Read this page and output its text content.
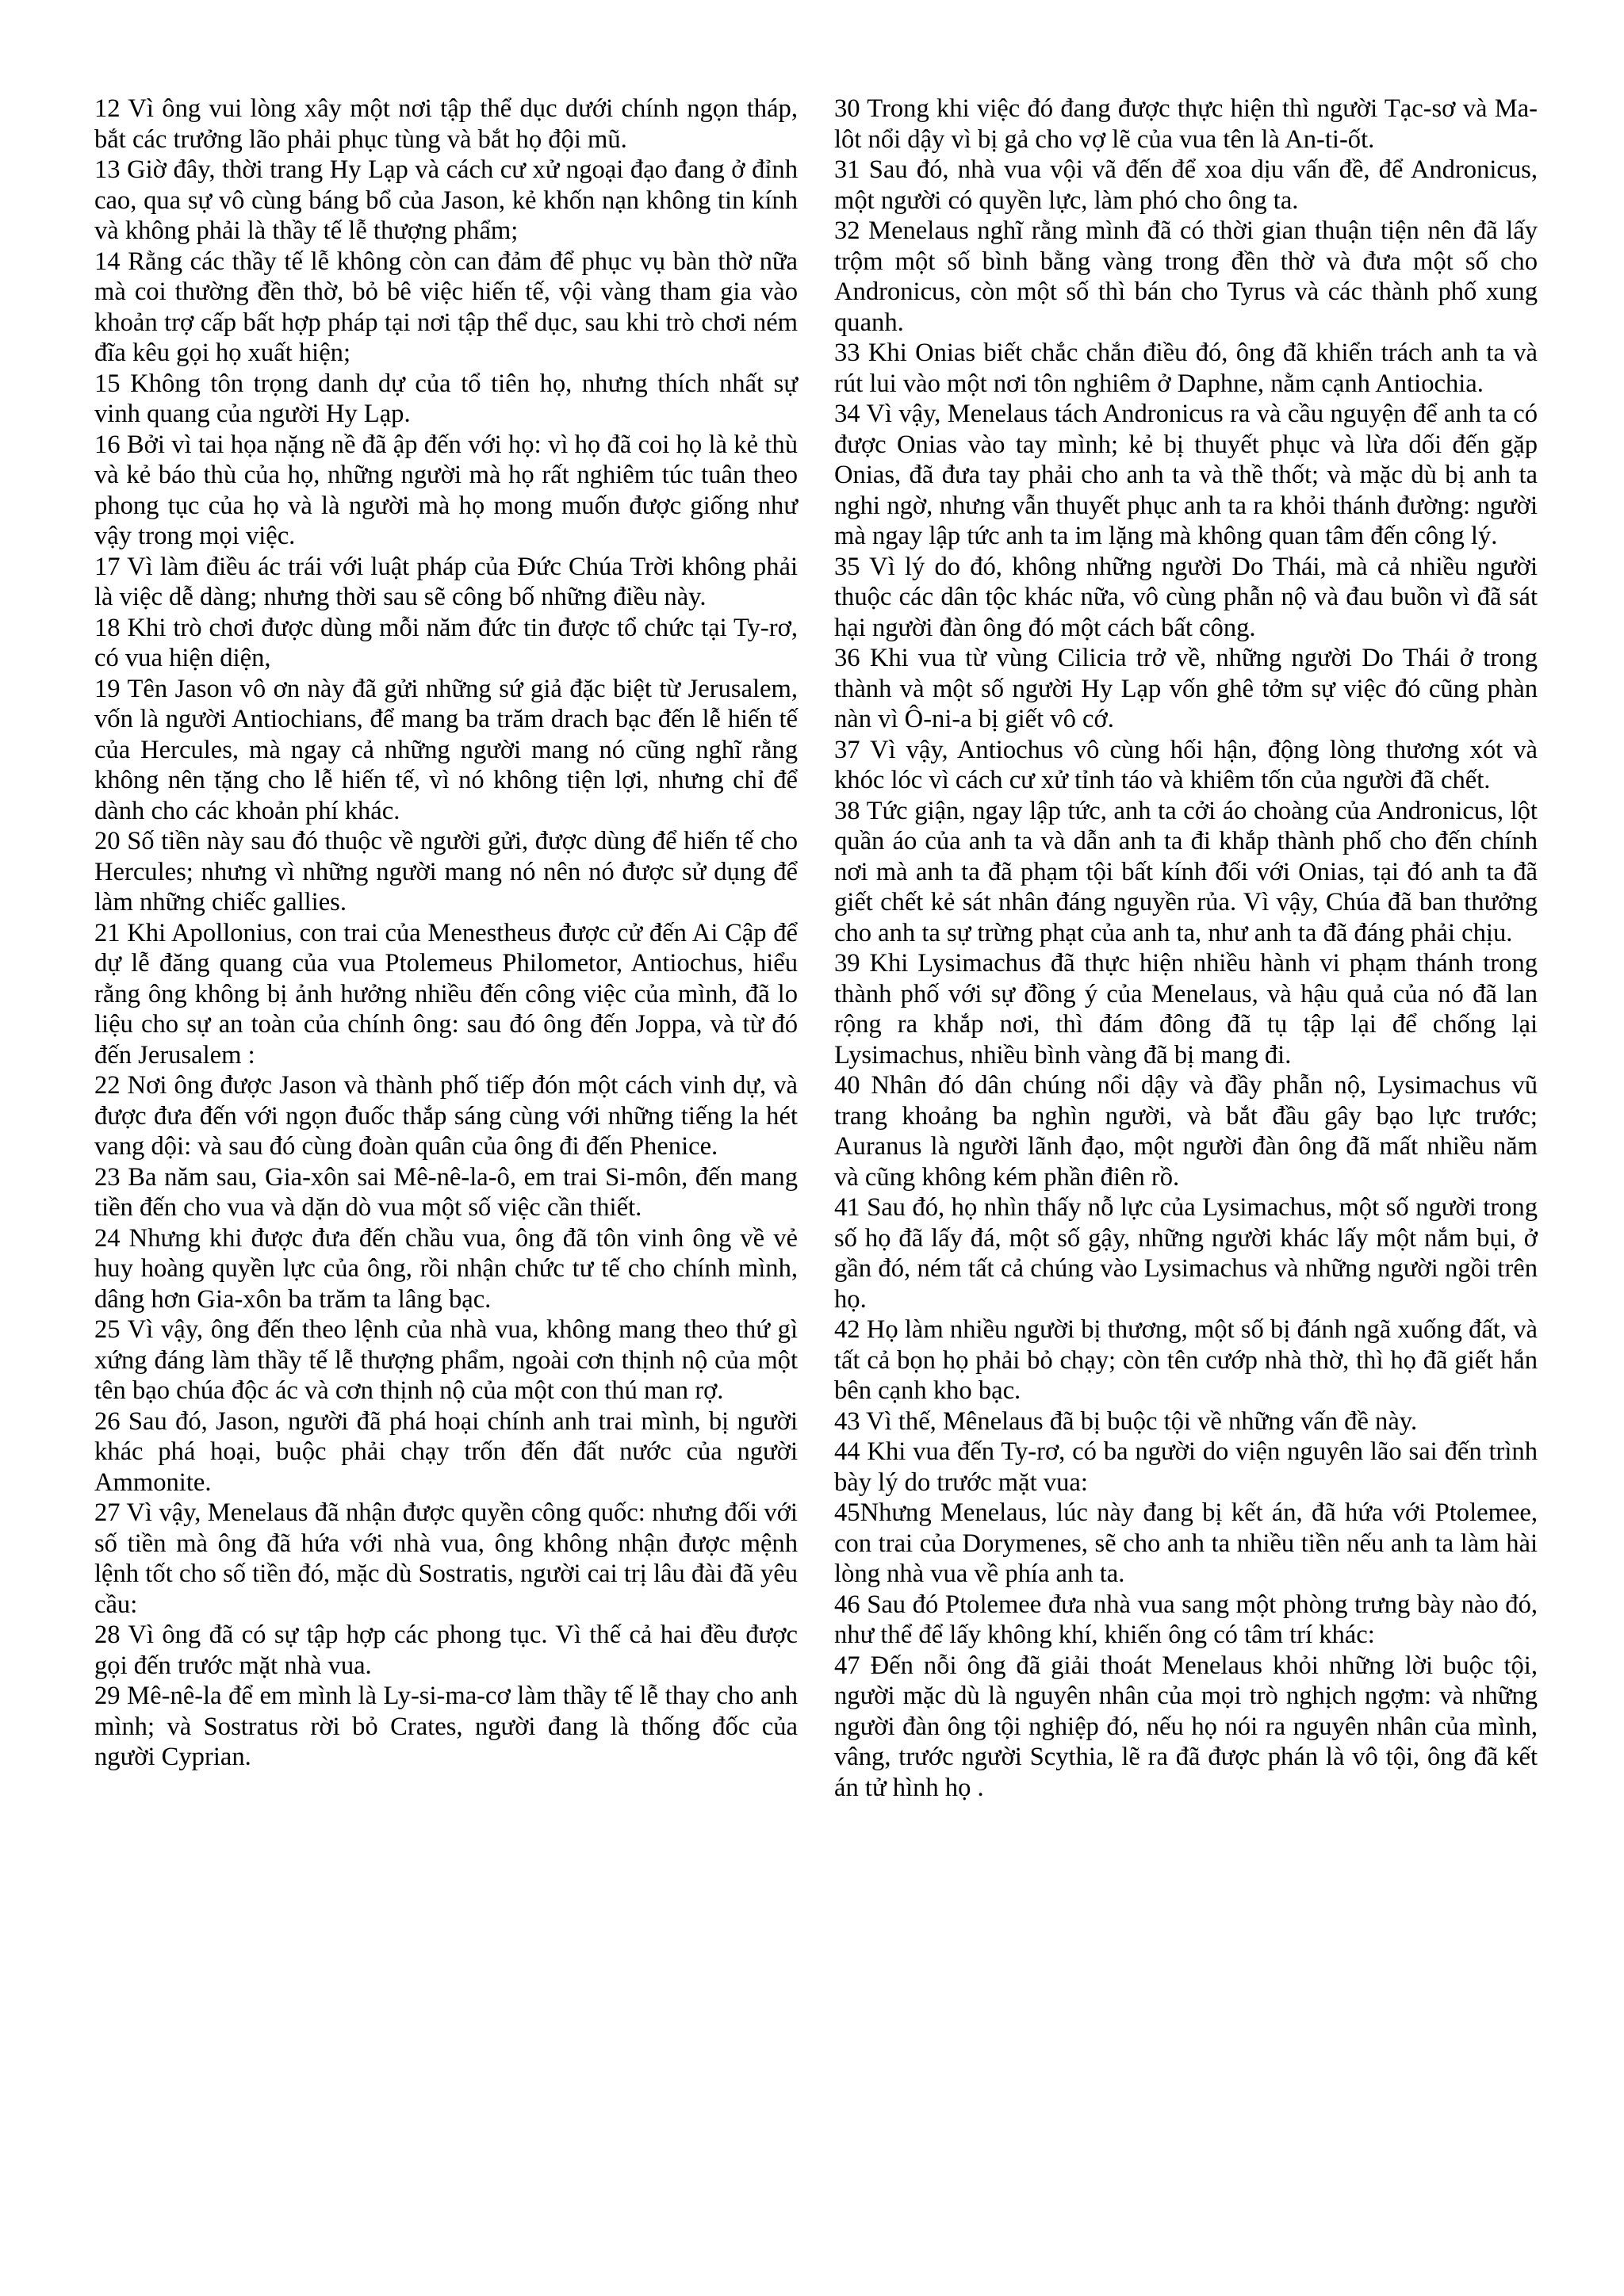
12 Vì ông vui lòng xây một nơi tập thể dục dưới chính ngọn tháp, bắt các trưởng lão phải phục tùng và bắt họ đội mũ.

13 Giờ đây, thời trang Hy Lạp và cách cư xử ngoại đạo đang ở đỉnh cao, qua sự vô cùng báng bổ của Jason, kẻ khốn nạn không tin kính và không phải là thầy tế lễ thượng phẩm;

14 Rằng các thầy tế lễ không còn can đảm để phục vụ bàn thờ nữa mà coi thường đền thờ, bỏ bê việc hiến tế, vội vàng tham gia vào khoản trợ cấp bất hợp pháp tại nơi tập thể dục, sau khi trò chơi ném đĩa kêu gọi họ xuất hiện;

15 Không tôn trọng danh dự của tổ tiên họ, nhưng thích nhất sự vinh quang của người Hy Lạp.

16 Bởi vì tai họa nặng nề đã ập đến với họ: vì họ đã coi họ là kẻ thù và kẻ báo thù của họ, những người mà họ rất nghiêm túc tuân theo phong tục của họ và là người mà họ mong muốn được giống như vậy trong mọi việc.

17 Vì làm điều ác trái với luật pháp của Đức Chúa Trời không phải là việc dễ dàng; nhưng thời sau sẽ công bố những điều này.

18 Khi trò chơi được dùng mỗi năm đức tin được tổ chức tại Ty-rơ, có vua hiện diện,

19 Tên Jason vô ơn này đã gửi những sứ giả đặc biệt từ Jerusalem, vốn là người Antiochians, để mang ba trăm drach bạc đến lễ hiến tế của Hercules, mà ngay cả những người mang nó cũng nghĩ rằng không nên tặng cho lễ hiến tế, vì nó không tiện lợi, nhưng chỉ để dành cho các khoản phí khác.

20 Số tiền này sau đó thuộc về người gửi, được dùng để hiến tế cho Hercules; nhưng vì những người mang nó nên nó được sử dụng để làm những chiếc gallies.

21 Khi Apollonius, con trai của Menestheus được cử đến Ai Cập để dự lễ đăng quang của vua Ptolemeus Philometor, Antiochus, hiểu rằng ông không bị ảnh hưởng nhiều đến công việc của mình, đã lo liệu cho sự an toàn của chính ông: sau đó ông đến Joppa, và từ đó đến Jerusalem :

22 Nơi ông được Jason và thành phố tiếp đón một cách vinh dự, và được đưa đến với ngọn đuốc thắp sáng cùng với những tiếng la hét vang dội: và sau đó cùng đoàn quân của ông đi đến Phenice.

23 Ba năm sau, Gia-xôn sai Mê-nê-la-ô, em trai Si-môn, đến mang tiền đến cho vua và dặn dò vua một số việc cần thiết.

24 Nhưng khi được đưa đến chầu vua, ông đã tôn vinh ông về vẻ huy hoàng quyền lực của ông, rồi nhận chức tư tế cho chính mình, dâng hơn Gia-xôn ba trăm ta lâng bạc.

25 Vì vậy, ông đến theo lệnh của nhà vua, không mang theo thứ gì xứng đáng làm thầy tế lễ thượng phẩm, ngoài cơn thịnh nộ của một tên bạo chúa độc ác và cơn thịnh nộ của một con thú man rợ.

26 Sau đó, Jason, người đã phá hoại chính anh trai mình, bị người khác phá hoại, buộc phải chạy trốn đến đất nước của người Ammonite.

27 Vì vậy, Menelaus đã nhận được quyền công quốc: nhưng đối với số tiền mà ông đã hứa với nhà vua, ông không nhận được mệnh lệnh tốt cho số tiền đó, mặc dù Sostratis, người cai trị lâu đài đã yêu cầu:

28 Vì ông đã có sự tập hợp các phong tục. Vì thế cả hai đều được gọi đến trước mặt nhà vua.

29 Mê-nê-la để em mình là Ly-si-ma-cơ làm thầy tế lễ thay cho anh mình; và Sostratus rời bỏ Crates, người đang là thống đốc của người Cyprian.

30 Trong khi việc đó đang được thực hiện thì người Tạc-sơ và Ma-lôt nổi dậy vì bị gả cho vợ lẽ của vua tên là An-ti-ốt.

31 Sau đó, nhà vua vội vã đến để xoa dịu vấn đề, để Andronicus, một người có quyền lực, làm phó cho ông ta.

32 Menelaus nghĩ rằng mình đã có thời gian thuận tiện nên đã lấy trộm một số bình bằng vàng trong đền thờ và đưa một số cho Andronicus, còn một số thì bán cho Tyrus và các thành phố xung quanh.

33 Khi Onias biết chắc chắn điều đó, ông đã khiển trách anh ta và rút lui vào một nơi tôn nghiêm ở Daphne, nằm cạnh Antiochia.

34 Vì vậy, Menelaus tách Andronicus ra và cầu nguyện để anh ta có được Onias vào tay mình; kẻ bị thuyết phục và lừa dối đến gặp Onias, đã đưa tay phải cho anh ta và thề thốt; và mặc dù bị anh ta nghi ngờ, nhưng vẫn thuyết phục anh ta ra khỏi thánh đường: người mà ngay lập tức anh ta im lặng mà không quan tâm đến công lý.

35 Vì lý do đó, không những người Do Thái, mà cả nhiều người thuộc các dân tộc khác nữa, vô cùng phẫn nộ và đau buồn vì đã sát hại người đàn ông đó một cách bất công.

36 Khi vua từ vùng Cilicia trở về, những người Do Thái ở trong thành và một số người Hy Lạp vốn ghê tởm sự việc đó cũng phàn nàn vì Ô-ni-a bị giết vô cớ.

37 Vì vậy, Antiochus vô cùng hối hận, động lòng thương xót và khóc lóc vì cách cư xử tỉnh táo và khiêm tốn của người đã chết.

38 Tức giận, ngay lập tức, anh ta cởi áo choàng của Andronicus, lột quần áo của anh ta và dẫn anh ta đi khắp thành phố cho đến chính nơi mà anh ta đã phạm tội bất kính đối với Onias, tại đó anh ta đã giết chết kẻ sát nhân đáng nguyền rủa. Vì vậy, Chúa đã ban thưởng cho anh ta sự trừng phạt của anh ta, như anh ta đã đáng phải chịu.

39 Khi Lysimachus đã thực hiện nhiều hành vi phạm thánh trong thành phố với sự đồng ý của Menelaus, và hậu quả của nó đã lan rộng ra khắp nơi, thì đám đông đã tụ tập lại để chống lại Lysimachus, nhiều bình vàng đã bị mang đi.

40 Nhân đó dân chúng nổi dậy và đầy phẫn nộ, Lysimachus vũ trang khoảng ba nghìn người, và bắt đầu gây bạo lực trước; Auranus là người lãnh đạo, một người đàn ông đã mất nhiều năm và cũng không kém phần điên rồ.

41 Sau đó, họ nhìn thấy nỗ lực của Lysimachus, một số người trong số họ đã lấy đá, một số gậy, những người khác lấy một nắm bụi, ở gần đó, ném tất cả chúng vào Lysimachus và những người ngồi trên họ.

42 Họ làm nhiều người bị thương, một số bị đánh ngã xuống đất, và tất cả bọn họ phải bỏ chạy; còn tên cướp nhà thờ, thì họ đã giết hắn bên cạnh kho bạc.

43 Vì thế, Mênelaus đã bị buộc tội về những vấn đề này.

44 Khi vua đến Ty-rơ, có ba người do viện nguyên lão sai đến trình bày lý do trước mặt vua:

45Nhưng Menelaus, lúc này đang bị kết án, đã hứa với Ptolemee, con trai của Dorymenes, sẽ cho anh ta nhiều tiền nếu anh ta làm hài lòng nhà vua về phía anh ta.

46 Sau đó Ptolemee đưa nhà vua sang một phòng trưng bày nào đó, như thể để lấy không khí, khiến ông có tâm trí khác:

47 Đến nỗi ông đã giải thoát Menelaus khỏi những lời buộc tội, người mặc dù là nguyên nhân của mọi trò nghịch ngợm: và những người đàn ông tội nghiệp đó, nếu họ nói ra nguyên nhân của mình, vâng, trước người Scythia, lẽ ra đã được phán là vô tội, ông đã kết án tử hình họ .
